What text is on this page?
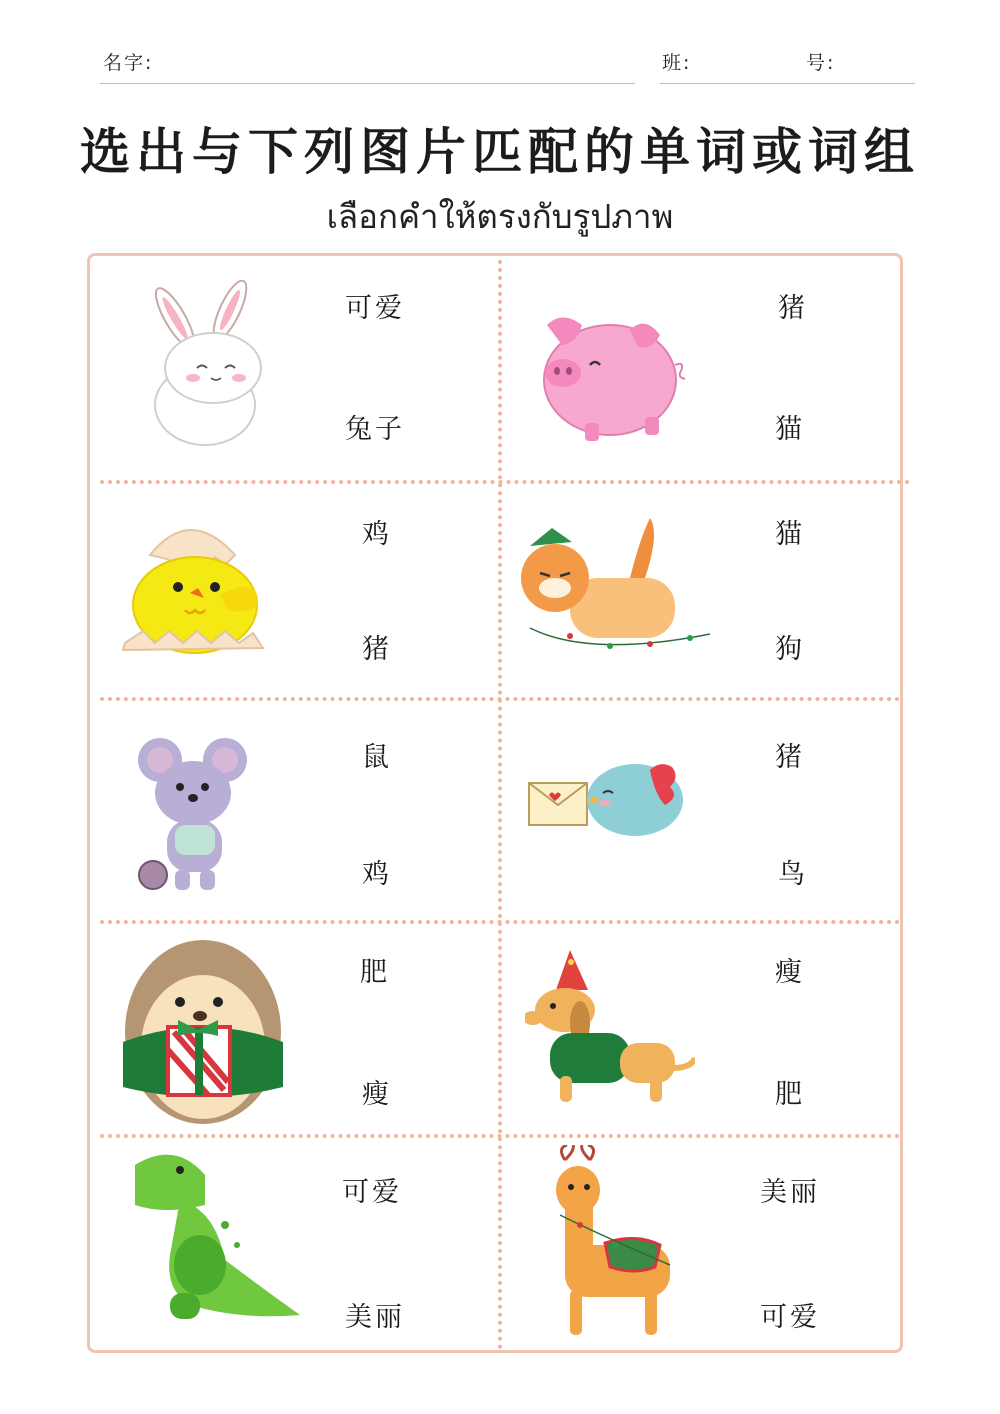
名字:	班:	号:
选出与下列图片匹配的单词或词组
เลือกคำให้ตรงกับรูปภาพ
可爱
兔子
猪
猫
鸡
猪
猫
狗
鼠
鸡
猪
鸟
肥
瘦
瘦
肥
可爱
美丽
美丽
可爱
